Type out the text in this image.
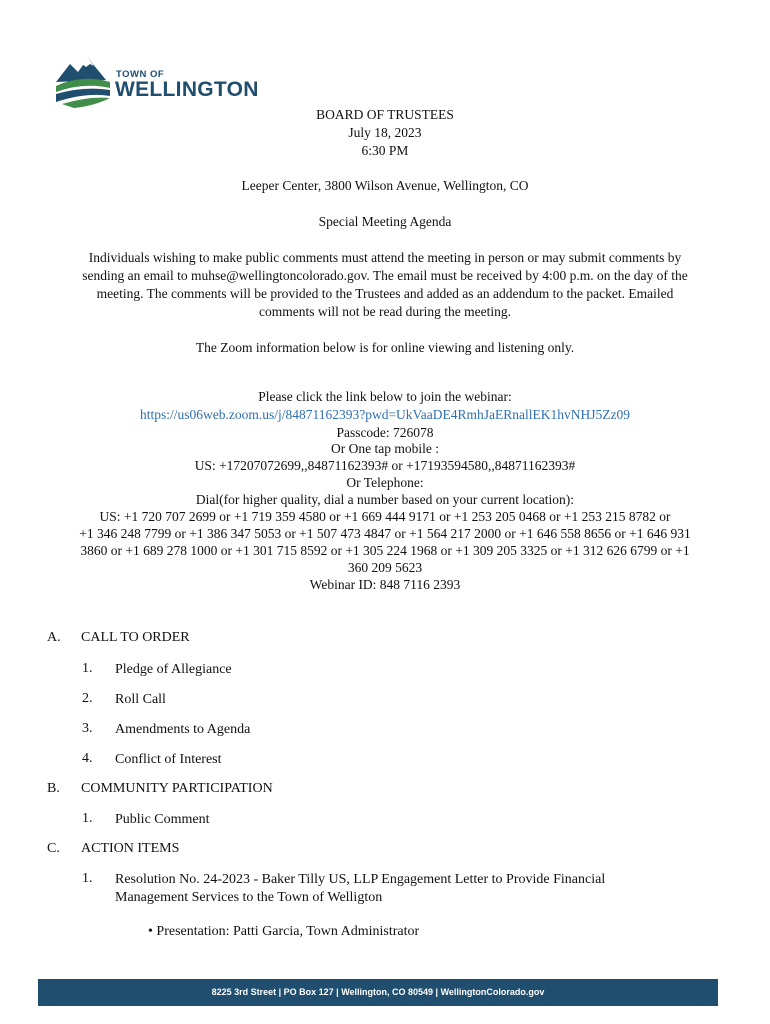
TOWN OF
WELLINGTON
BOARD OF TRUSTEES
July 18, 2023
6:30 PM
Leeper Center, 3800 Wilson Avenue, Wellington, CO
Special Meeting Agenda
Individuals wishing to make public comments must attend the meeting in person or may submit comments by
sending an email to muhse@wellingtoncolorado.gov. The email must be received by 4:00 p.m. on the day of the
meeting. The comments will be provided to the Trustees and added as an addendum to the packet. Emailed
comments will not be read during the meeting.
The Zoom information below is for online viewing and listening only.
Please click the link below to join the webinar:
https://us06web.zoom.us/j/84871162393?pwd=UkVaaDE4RmhJaERnallEK1hvNHJ5Zz09
Passcode: 726078
Or One tap mobile :
US: +17207072699,,84871162393# or +17193594580,,84871162393#
Or Telephone:
Dial(for higher quality, dial a number based on your current location):
US: +1 720 707 2699 or +1 719 359 4580 or +1 669 444 9171 or +1 253 205 0468 or +1 253 215 8782 or
+1 346 248 7799 or +1 386 347 5053 or +1 507 473 4847 or +1 564 217 2000 or +1 646 558 8656 or +1 646 931
3860 or +1 689 278 1000 or +1 301 715 8592 or +1 305 224 1968 or +1 309 205 3325 or +1 312 626 6799 or +1
360 209 5623
Webinar ID: 848 7116 2393
A. CALL TO ORDER
1. Pledge of Allegiance
2. Roll Call
3. Amendments to Agenda
4. Conflict of Interest
B. COMMUNITY PARTICIPATION
1. Public Comment
C. ACTION ITEMS
1. Resolution No. 24-2023 - Baker Tilly US, LLP Engagement Letter to Provide Financial
Management Services to the Town of Welligton
• Presentation: Patti Garcia, Town Administrator
8225 3rd Street | PO Box 127 | Wellington, CO 80549 | WellingtonColorado.gov
